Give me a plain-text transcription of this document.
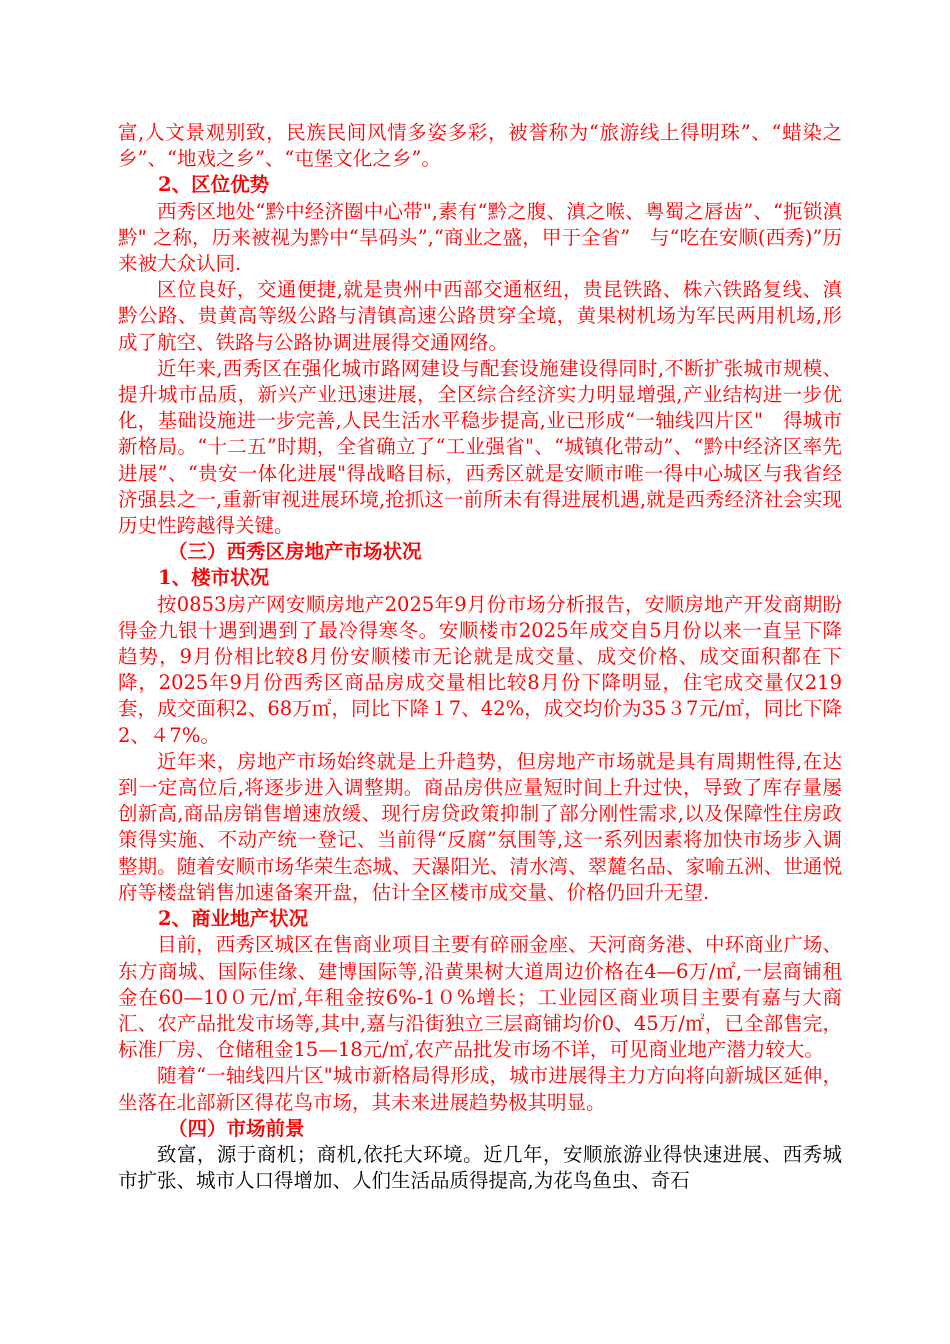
富,人文景观别致，民族民间风情多姿多彩，被誉称为“旅游线上得明珠”、“蜡染之乡”、“地戏之乡”、“屯堡文化之乡”。

2、区位优势

西秀区地处“黔中经济圈中心带",素有“黔之腹、滇之喉、粤蜀之唇齿”、“扼锁滇黔" 之称，历来被视为黔中“旱码头”,“商业之盛，甲于全省”　与“吃在安顺(西秀)”历来被大众认同.

区位良好，交通便捷,就是贵州中西部交通枢纽，贵昆铁路、株六铁路复线、滇黔公路、贵黄高等级公路与清镇高速公路贯穿全境，黄果树机场为军民两用机场,形成了航空、铁路与公路协调进展得交通网络。

近年来,西秀区在强化城市路网建设与配套设施建设得同时,不断扩张城市规模、提升城市品质，新兴产业迅速进展，全区综合经济实力明显增强,产业结构进一步优化，基础设施进一步完善,人民生活水平稳步提高,业已形成“一轴线四片区"　得城市新格局。“十二五”时期，全省确立了“工业强省"、“城镇化带动”、“黔中经济区率先进展”、“贵安一体化进展"得战略目标，西秀区就是安顺市唯一得中心城区与我省经济强县之一,重新审视进展环境,抢抓这一前所未有得进展机遇,就是西秀经济社会实现历史性跨越得关键。

（三）西秀区房地产市场状况

1、楼市状况

按0853房产网安顺房地产2025年9月份市场分析报告，安顺房地产开发商期盼得金九银十遇到遇到了最冷得寒冬。安顺楼市2025年成交自5月份以来一直呈下降趋势，9月份相比较8月份安顺楼市无论就是成交量、成交价格、成交面积都在下降，2025年9月份西秀区商品房成交量相比较8月份下降明显，住宅成交量仅219套，成交面积2、68万㎡，同比下降１7、42%，成交均价为35３7元/㎡，同比下降2、４7%。

近年来，房地产市场始终就是上升趋势，但房地产市场就是具有周期性得,在达到一定高位后,将逐步进入调整期。商品房供应量短时间上升过快，导致了库存量屡创新高,商品房销售增速放缓、现行房贷政策抑制了部分刚性需求,以及保障性住房政策得实施、不动产统一登记、当前得“反腐”氛围等,这一系列因素将加快市场步入调整期。随着安顺市场华荣生态城、天瀑阳光、清水湾、翠麓名品、家喻五洲、世通悦府等楼盘销售加速备案开盘，估计全区楼市成交量、价格仍回升无望.

2、商业地产状况

目前，西秀区城区在售商业项目主要有碎丽金座、天河商务港、中环商业广场、东方商城、国际佳缘、建博国际等,沿黄果树大道周边价格在4—6万/㎡,一层商铺租金在60—10０元/㎡,年租金按6%-1０%增长；工业园区商业项目主要有嘉与大商汇、农产品批发市场等,其中,嘉与沿街独立三层商铺均价0、45万/㎡，已全部售完，标准厂房、仓储租金15—18元/㎡,农产品批发市场不详，可见商业地产潜力较大。

随着“一轴线四片区"城市新格局得形成，城市进展得主力方向将向新城区延伸，坐落在北部新区得花鸟市场，其未来进展趋势极其明显。

（四）市场前景

致富，源于商机；商机,依托大环境。近几年，安顺旅游业得快速进展、西秀城市扩张、城市人口得增加、人们生活品质得提高,为花鸟鱼虫、奇石
